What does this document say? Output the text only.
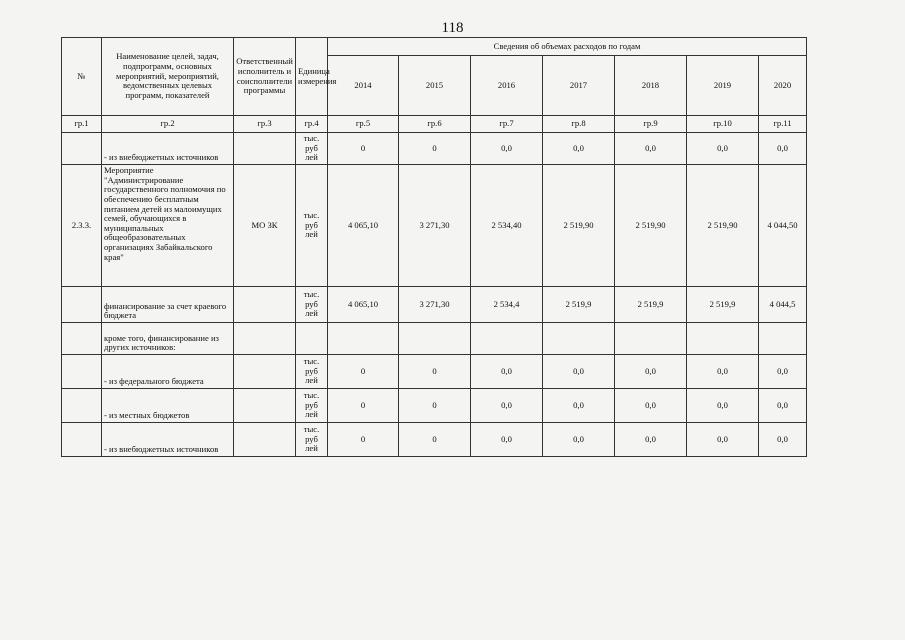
118
№	Наименование целей, задач, подпрограмм, основных мероприятий, мероприятий, ведомственных целевых программ, показателей	Ответственный исполнитель и соисполнители программы	Единица измерения	Сведения об объемах расходов по годам						
				2014	2015	2016	2017	2018	2019	2020
гр.1	гр.2	гр.3	гр.4	гр.5	гр.6	гр.7	гр.8	гр.9	гр.10	гр.11
	- из внебюджетных источников		тыс. руб лей	0	0	0,0	0,0	0,0	0,0	0,0
2.3.3.	Мероприятие "Администрирование государственного полномочия по обеспечению бесплатным питанием детей из малоимущих семей, обучающихся в муниципальных общеобразовательных организациях Забайкальского края"	МО ЗК	тыс. руб лей	4 065,10	3 271,30	2 534,40	2 519,90	2 519,90	2 519,90	4 044,50
	финансирование за счет краевого бюджета		тыс. руб лей	4 065,10	3 271,30	2 534,4	2 519,9	2 519,9	2 519,9	4 044,5
	кроме того, финансирование из других источников:									
	- из федерального бюджета		тыс. руб лей	0	0	0,0	0,0	0,0	0,0	0,0
	- из местных бюджетов		тыс. руб лей	0	0	0,0	0,0	0,0	0,0	0,0
	- из внебюджетных источников		тыс. руб лей	0	0	0,0	0,0	0,0	0,0	0,0
